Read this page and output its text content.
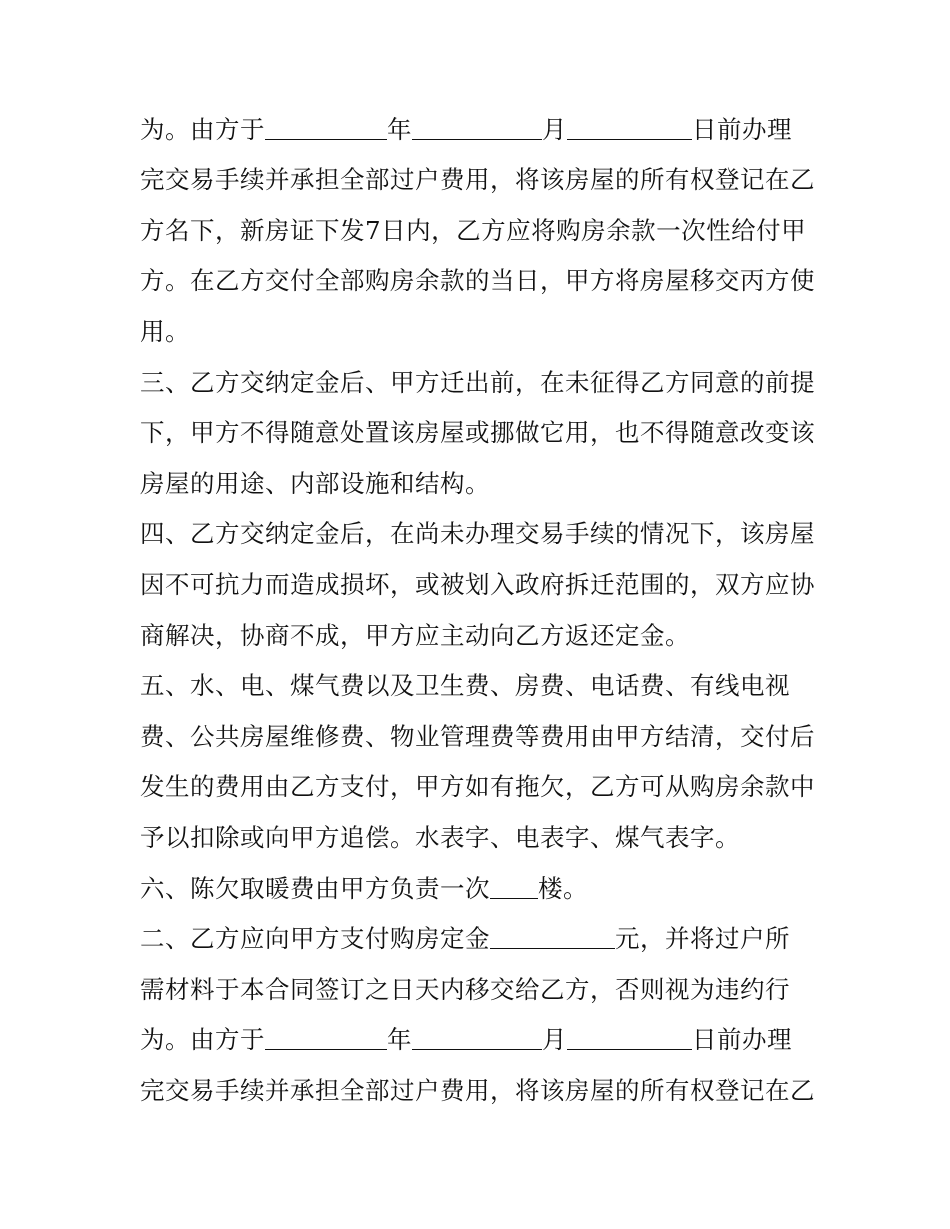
为。由方于	年	月	日前办理
完交易手续并承担全部过户费用，将该房屋的所有权登记在乙
方名下，新房证下发7日内，乙方应将购房余款一次性给付甲
方。在乙方交付全部购房余款的当日，甲方将房屋移交丙方使
用。
三、乙方交纳定金后、甲方迁出前，在未征得乙方同意的前提
下，甲方不得随意处置该房屋或挪做它用，也不得随意改变该
房屋的用途、内部设施和结构。
四、乙方交纳定金后，在尚未办理交易手续的情况下，该房屋
因不可抗力而造成损坏，或被划入政府拆迁范围的，双方应协
商解决，协商不成，甲方应主动向乙方返还定金。
五、水、电、煤气费以及卫生费、房费、电话费、有线电视
费、公共房屋维修费、物业管理费等费用由甲方结清，交付后
发生的费用由乙方支付，甲方如有拖欠，乙方可从购房余款中
予以扣除或向甲方追偿。水表字、电表字、煤气表字。
六、陈欠取暖费由甲方负责一次 楼。
二、乙方应向甲方支付购房定金	元，并将过户所
需材料于本合同签订之日天内移交给乙方，否则视为违约行
为。由方于	年	月	日前办理
完交易手续并承担全部过户费用，将该房屋的所有权登记在乙
